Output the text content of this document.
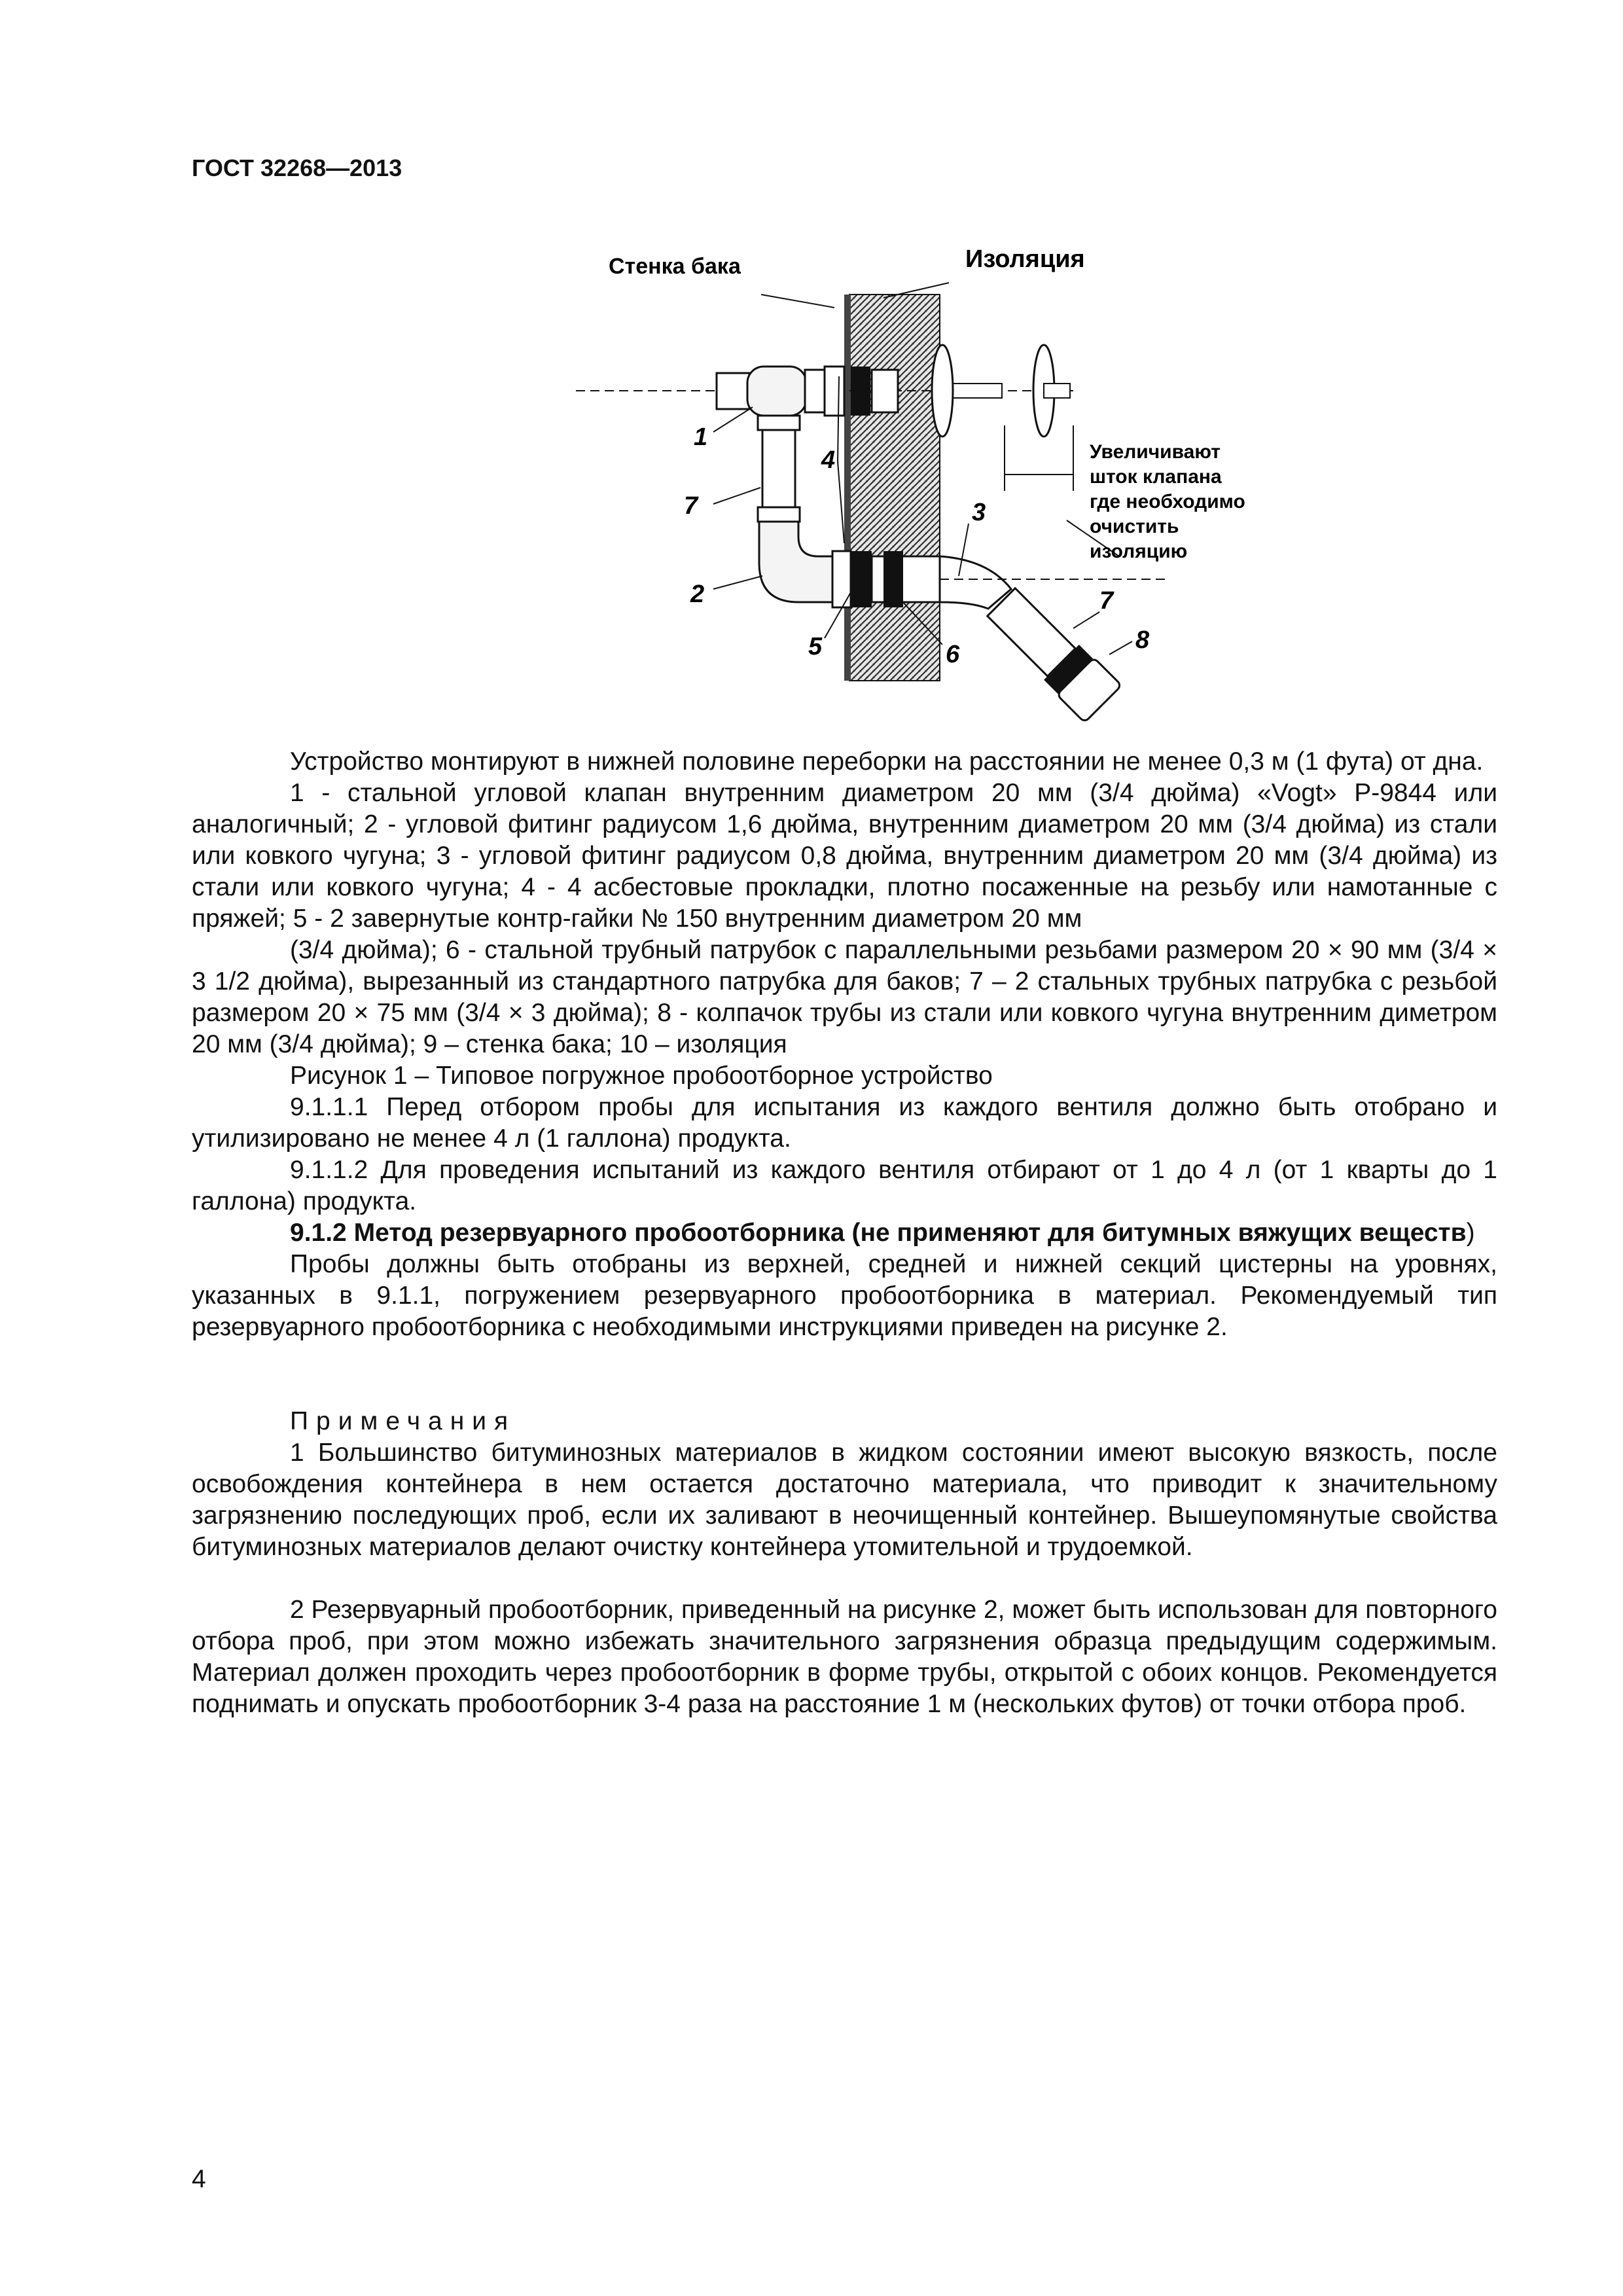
ГОСТ 32268—2013
Стенка бака	Изоляция
Увеличивают
шток клапана
где необходимо
очистить
изоляцию
1
7
2
4
5	6
3
7
8

Устройство монтируют в нижней половине переборки на расстоянии не менее 0,3 м (1 фута) от дна.

1 - стальной угловой клапан внутренним диаметром 20 мм (3/4 дюйма) «Vogt» Р-9844 или аналогичный; 2 - угловой фитинг радиусом 1,6 дюйма, внутренним диаметром 20 мм (3/4 дюйма) из стали или ковкого чугуна; 3 - угловой фитинг радиусом 0,8 дюйма, внутренним диаметром 20 мм (3/4 дюйма) из стали или ковкого чугуна; 4 - 4 асбестовые прокладки, плотно посаженные на резьбу или намотанные с пряжей; 5 - 2 завернутые контр-гайки № 150 внутренним диаметром 20 мм

(3/4 дюйма); 6 - стальной трубный патрубок с параллельными резьбами размером 20 × 90 мм (3/4 × 3 1/2 дюйма), вырезанный из стандартного патрубка для баков; 7 – 2 стальных трубных патрубка с резьбой размером 20 × 75 мм (3/4 × 3 дюйма); 8 - колпачок трубы из стали или ковкого чугуна внутренним диметром 20 мм (3/4 дюйма); 9 – стенка бака; 10 – изоляция

Рисунок 1 – Типовое погружное пробоотборное устройство

9.1.1.1 Перед отбором пробы для испытания из каждого вентиля должно быть отобрано и утилизировано не менее 4 л (1 галлона) продукта.

9.1.1.2 Для проведения испытаний из каждого вентиля отбирают от 1 до 4 л (от 1 кварты до 1 галлона) продукта.

9.1.2 Метод резервуарного пробоотборника (не применяют для битумных вяжущих веществ)

Пробы должны быть отобраны из верхней, средней и нижней секций цистерны на уровнях, указанных в 9.1.1, погружением резервуарного пробоотборника в материал. Рекомендуемый тип резервуарного пробоотборника с необходимыми инструкциями приведен на рисунке 2.

Примечания

1 Большинство битуминозных материалов в жидком состоянии имеют высокую вязкость, после освобождения контейнера в нем остается достаточно материала, что приводит к значительному загрязнению последующих проб, если их заливают в неочищенный контейнер. Вышеупомянутые свойства битуминозных материалов делают очистку контейнера утомительной и трудоемкой.

2 Резервуарный пробоотборник, приведенный на рисунке 2, может быть использован для повторного отбора проб, при этом можно избежать значительного загрязнения образца предыдущим содержимым. Материал должен проходить через пробоотборник в форме трубы, открытой с обоих концов. Рекомендуется поднимать и опускать пробоотборник 3-4 раза на расстояние 1 м (нескольких футов) от точки отбора проб.

4
